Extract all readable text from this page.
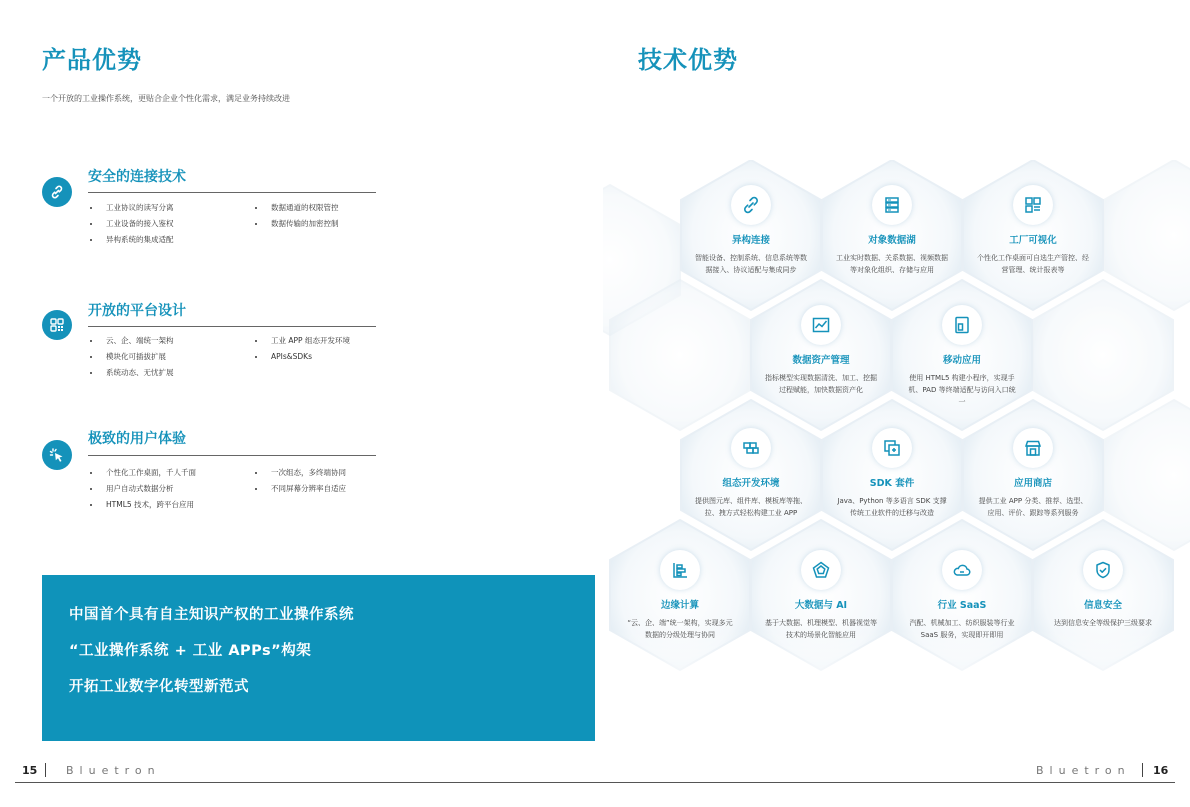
产品优势
一个开放的工业操作系统，更贴合企业个性化需求，满足业务持续改进
安全的连接技术
工业协议的读写分离
工业设备的接入鉴权
异构系统的集成适配
数据通道的权限管控
数据传输的加密控制
开放的平台设计
云、企、端统一架构
模块化可插拔扩展
系统动态、无忧扩展
工业 APP 组态开发环境
APIs&SDKs
极致的用户体验
个性化工作桌面，千人千面
用户自动式数据分析
HTML5 技术，跨平台应用
一次组态，多终端协同
不同屏幕分辨率自适应
中国首个具有自主知识产权的工业操作系统
“工业操作系统 + 工业 APPs”构架
开拓工业数字化转型新范式
技术优势
异构连接
智能设备、控制系统、信息系统等数据接入、协议适配与集成同步
对象数据湖
工业实时数据、关系数据、视频数据等对象化组织、存储与应用
工厂可视化
个性化工作桌面可自选生产管控、经营管理、统计报表等
数据资产管理
指标模型实现数据清洗、加工、挖掘过程赋能，加快数据资产化
移动应用
使用 HTML5 构建小程序，实现手机、PAD 等终端适配与访问入口统一
组态开发环境
提供图元库、组件库、模板库等拖、拉、拽方式轻松构建工业 APP
SDK 套件
Java、Python 等多语言 SDK 支撑传统工业软件的迁移与改造
应用商店
提供工业 APP 分类、推荐、选型、应用、评价、跟踪等系列服务
边缘计算
“云、企、端”统一架构，实现多元数据的分级处理与协同
大数据与 AI
基于大数据、机理模型、机器视觉等技术的场景化智能应用
行业 SaaS
汽配、机械加工、纺织服装等行业 SaaS 服务，实现即开即用
信息安全
达到信息安全等级保护三级要求
15	Bluetron	Bluetron 16
